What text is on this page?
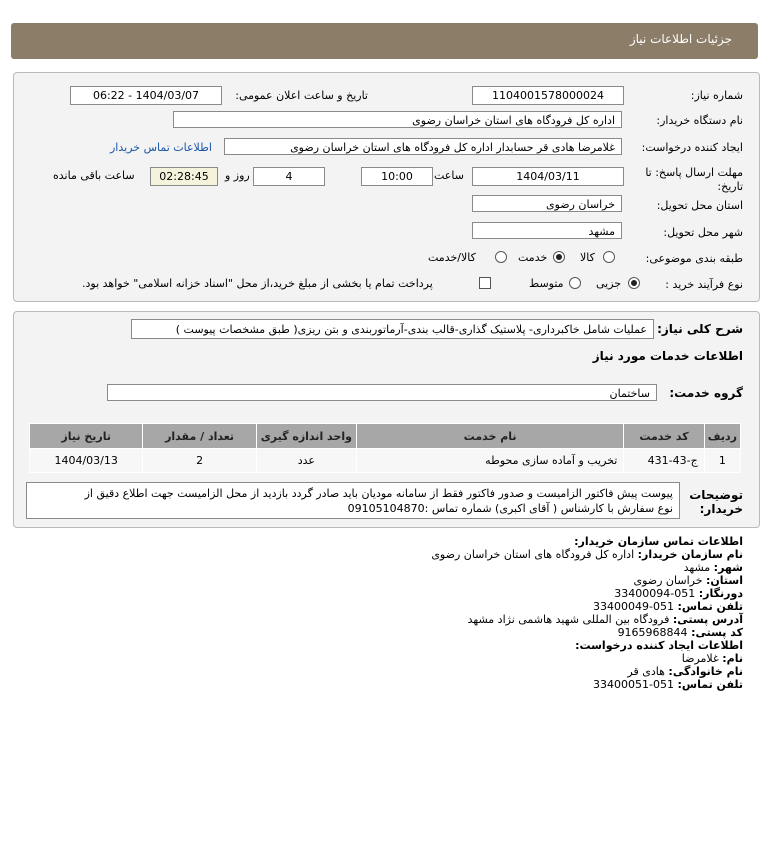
جزئیات اطلاعات نیاز
شماره نیاز:
1104001578000024
تاریخ و ساعت اعلان عمومی:
1404/03/07 - 06:22
نام دستگاه خریدار:
اداره کل فرودگاه های استان خراسان رضوی
ایجاد کننده درخواست:
غلامرضا هادی قر حسابدار اداره کل فرودگاه های استان خراسان رضوی
اطلاعات تماس خریدار
مهلت ارسال پاسخ: تا تاریخ:
1404/03/11
ساعت
10:00
4
روز و
02:28:45
ساعت باقی مانده
استان محل تحویل:
خراسان رضوی
شهر محل تحویل:
مشهد
طبقه بندی موضوعی:
کالا
خدمت
کالا/خدمت
نوع فرآیند خرید :
جزیی
متوسط
پرداخت تمام یا بخشی از مبلغ خرید،از محل "اسناد خزانه اسلامی" خواهد بود.
شرح کلی نیاز:
عملیات شامل خاکبرداری- پلاستیک گذاری-قالب بندی-آرماتوربندی و بتن ریزی( طبق مشخصات پیوست )
اطلاعات خدمات مورد نیاز
گروه خدمت:
ساختمان
ردیف	کد خدمت	نام خدمت	واحد اندازه گیری	تعداد / مقدار	تاریخ نیاز
1	ج-43-431	تخریب و آماده سازی محوطه	عدد	2	1404/03/13
توضیحات خریدار:
پیوست پیش فاکتور الزامیست و صدور فاکتور فقط از سامانه مودیان باید صادر گردد بازدید از محل الزامیست جهت اطلاع دقیق از
نوع سفارش با کارشناس ( آقای اکبری) شماره تماس :09105104870
اطلاعات تماس سازمان خریدار:
نام سازمان خریدار: اداره کل فرودگاه های استان خراسان رضوی
شهر: مشهد
استان: خراسان رضوی
دورنگار: 051-33400094
تلفن تماس: 051-33400049
آدرس پستی: فرودگاه بین المللی شهید هاشمی نژاد مشهد
کد پستی: 9165968844
اطلاعات ایجاد کننده درخواست:
نام: غلامرضا
نام خانوادگی: هادی قر
تلفن تماس: 051-33400051
